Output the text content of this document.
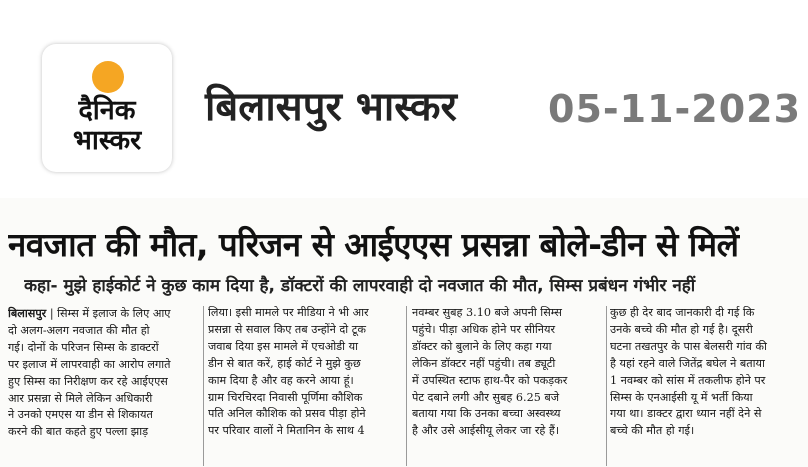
दैनिक
भास्कर
बिलासपुर भास्कर 05-11-2023
नवजात की मौत, परिजन से आईएएस प्रसन्ना बोले-डीन से मिलें
कहा- मुझे हाईकोर्ट ने कुछ काम दिया है, डॉक्टरों की लापरवाही दो नवजात की मौत, सिम्स प्रबंधन गंभीर नहीं
बिलासपुर | सिम्स में इलाज के लिए आए
दो अलग-अलग नवजात की मौत हो
गई। दोनों के परिजन सिम्स के डाक्टरों
पर इलाज में लापरवाही का आरोप लगाते
हुए सिम्स का निरीक्षण कर रहे आईएएस
आर प्रसन्ना से मिले लेकिन अधिकारी
ने उनको एमएस या डीन से शिकायत
करने की बात कहते हुए पल्ला झाड़
लिया। इसी मामले पर मीडिया ने भी आर
प्रसन्ना से सवाल किए तब उन्होंने दो टूक
जवाब दिया इस मामले में एचओडी या
डीन से बात करें, हाई कोर्ट ने मुझे कुछ
काम दिया है और वह करने आया हूं।
ग्राम चिरचिरदा निवासी पूर्णिमा कौशिक
पति अनिल कौशिक को प्रसव पीड़ा होने
पर परिवार वालों ने मितानिन के साथ 4
नवम्बर सुबह 3.10 बजे अपनी सिम्स
पहुंचे। पीड़ा अधिक होने पर सीनियर
डॉक्टर को बुलाने के लिए कहा गया
लेकिन डॉक्टर नहीं पहुंची। तब ड्यूटी
में उपस्थित स्टाफ हाथ-पैर को पकड़कर
पेट दबाने लगी और सुबह 6.25 बजे
बताया गया कि उनका बच्चा अस्वस्थ्य
है और उसे आईसीयू लेकर जा रहे हैं।
कुछ ही देर बाद जानकारी दी गई कि
उनके बच्चे की मौत हो गई है। दूसरी
घटना तखतपुर के पास बेलसरी गांव की
है यहां रहने वाले जितेंद्र बघेल ने बताया
1 नवम्बर को सांस में तकलीफ होने पर
सिम्स के एनआईसी यू में भर्ती किया
गया था। डाक्टर द्वारा ध्यान नहीं देने से
बच्चे की मौत हो गई।
